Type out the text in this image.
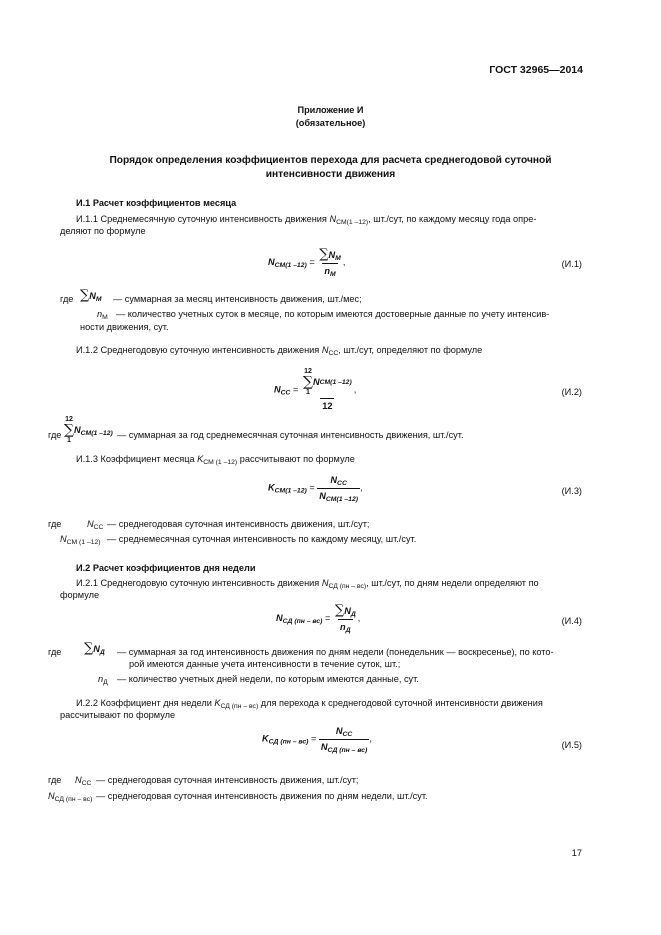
ГОСТ 32965—2014
Приложение И
(обязательное)
Порядок определения коэффициентов перехода для расчета среднегодовой суточной
интенсивности движения
И.1 Расчет коэффициентов месяца
И.1.1 Среднемесячную суточную интенсивность движения $N_{СМ(1 -12)}$, шт./сут, по каждому месяцу года опре-
деляют по формуле
$N_{СМ(1 -12)} = \frac{\sum N_М}{n_М}$ ,	(И.1)
где $\sum N_М$ — суммарная за месяц интенсивность движения, шт./мес;
$n_М$ — количество учетных суток в месяце, по которым имеются достоверные данные по учету интенсив-
ности движения, сут.
И.1.2 Среднегодовую суточную интенсивность движения $N_{СС}$, шт./сут, определяют по формуле
$N_{СС} = 12$
∑
1
N СМ(1 –12)
12 ,	(И.2)
где
12
∑
1
$N_{СМ(1 -12)}$ — суммарная за год среднемесячная суточная интенсивность движения, шт./сут.
И.1.3 Коэффициент месяца $K_{СМ (1 -12)}$ рассчитывают по формуле
$K_{СМ(1 -12)} = \frac{N_{СС}}{N_{СМ(1 -12)}}$ ,	(И.3)
где	$N_{СС}$ — среднегодовая суточная интенсивность движения, шт./сут;
$N_{СМ (1 -12)}$ — среднемесячная суточная интенсивность по каждому месяцу, шт./сут.
И.2 Расчет коэффициентов дня недели
И.2.1 Среднегодовую суточную интенсивность движения $N_{СД (пн - вс)}$, шт./сут, по дням недели определяют по
формуле
$N_{СД (пн - вс)} = \frac{\sum N_Д}{n_Д}$ ,	(И.4)
где $\sum N_Д$ — суммарная за год интенсивность движения по дням недели (понедельник — воскресенье), по кото-
рой имеются данные учета интенсивности в течение суток, шт.;
$n_Д$ — количество учетных дней недели, по которым имеются данные, сут.
И.2.2 Коэффициент дня недели $K_{СД (пн - вс)}$ для перехода к среднегодовой суточной интенсивности движения
рассчитывают по формуле
$K_{СД (пн - вс)} = \frac{N_{СС}}{N_{СД (пн - вс)}}$ ,
(И.5)
где $N_{СС}$ — среднегодовая суточная интенсивность движения, шт./сут;
$N_{СД (пн - вс)}$ — среднегодовая суточная интенсивность движения по дням недели, шт./сут.
17
